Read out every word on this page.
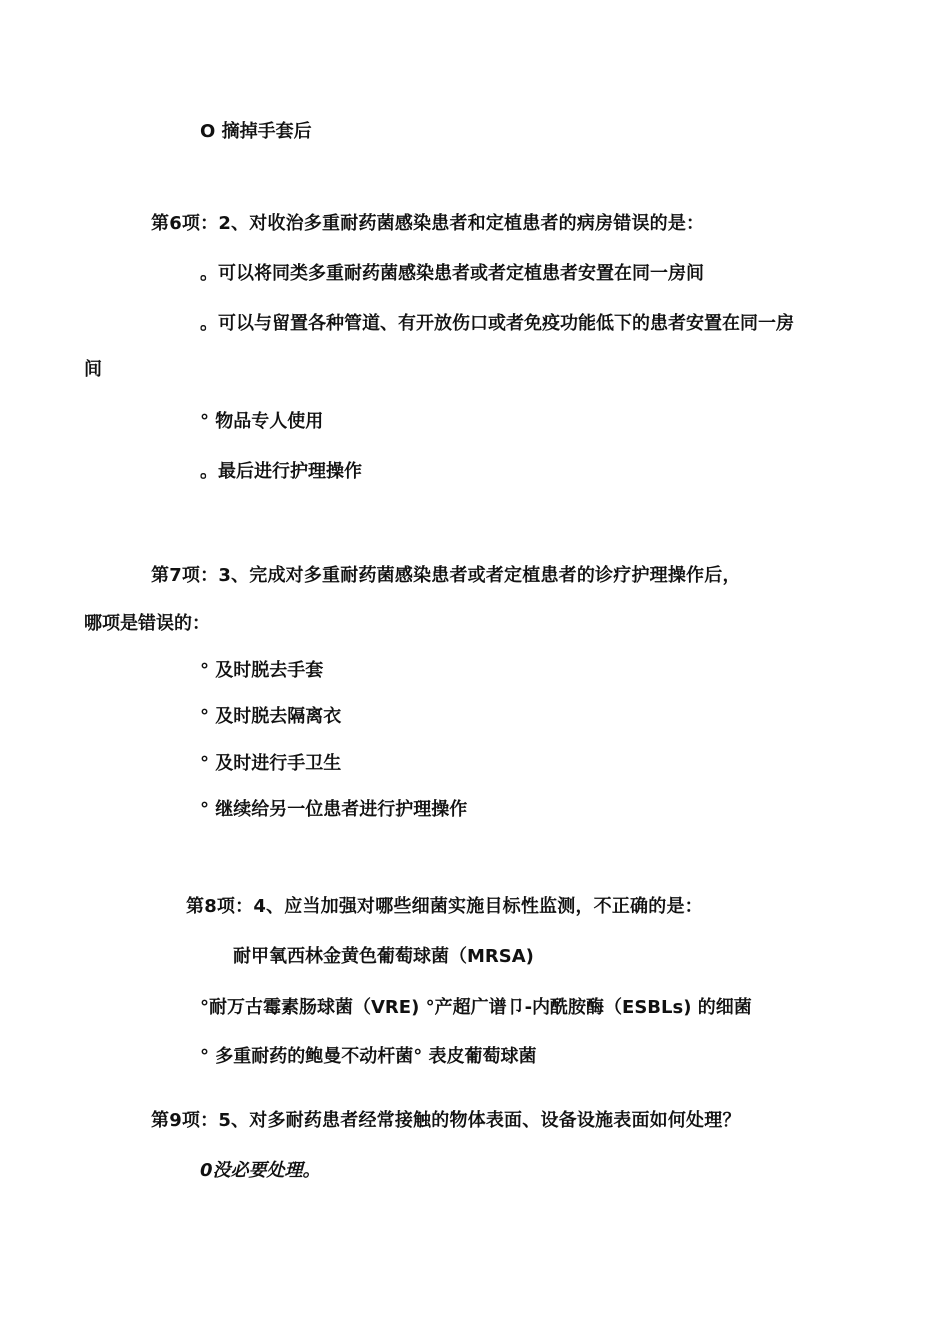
O 摘掉手套后
第6项：2、对收治多重耐药菌感染患者和定植患者的病房错误的是：
。可以将同类多重耐药菌感染患者或者定植患者安置在同一房间
。可以与留置各种管道、有开放伤口或者免疫功能低下的患者安置在同一房
间
° 物品专人使用
。最后进行护理操作
第7项：3、完成对多重耐药菌感染患者或者定植患者的诊疗护理操作后，
哪项是错误的：
° 及时脱去手套
° 及时脱去隔离衣
° 及时进行手卫生
° 继续给另一位患者进行护理操作
第8项：4、应当加强对哪些细菌实施目标性监测，不正确的是：
耐甲氧西林金黄色葡萄球菌（MRSA)
°耐万古霉素肠球菌（VRE) °产超广谱卩-内酰胺酶（ESBLs) 的细菌
° 多重耐药的鲍曼不动杆菌° 表皮葡萄球菌
第9项：5、对多耐药患者经常接触的物体表面、设备设施表面如何处理？
0没必要处理。
